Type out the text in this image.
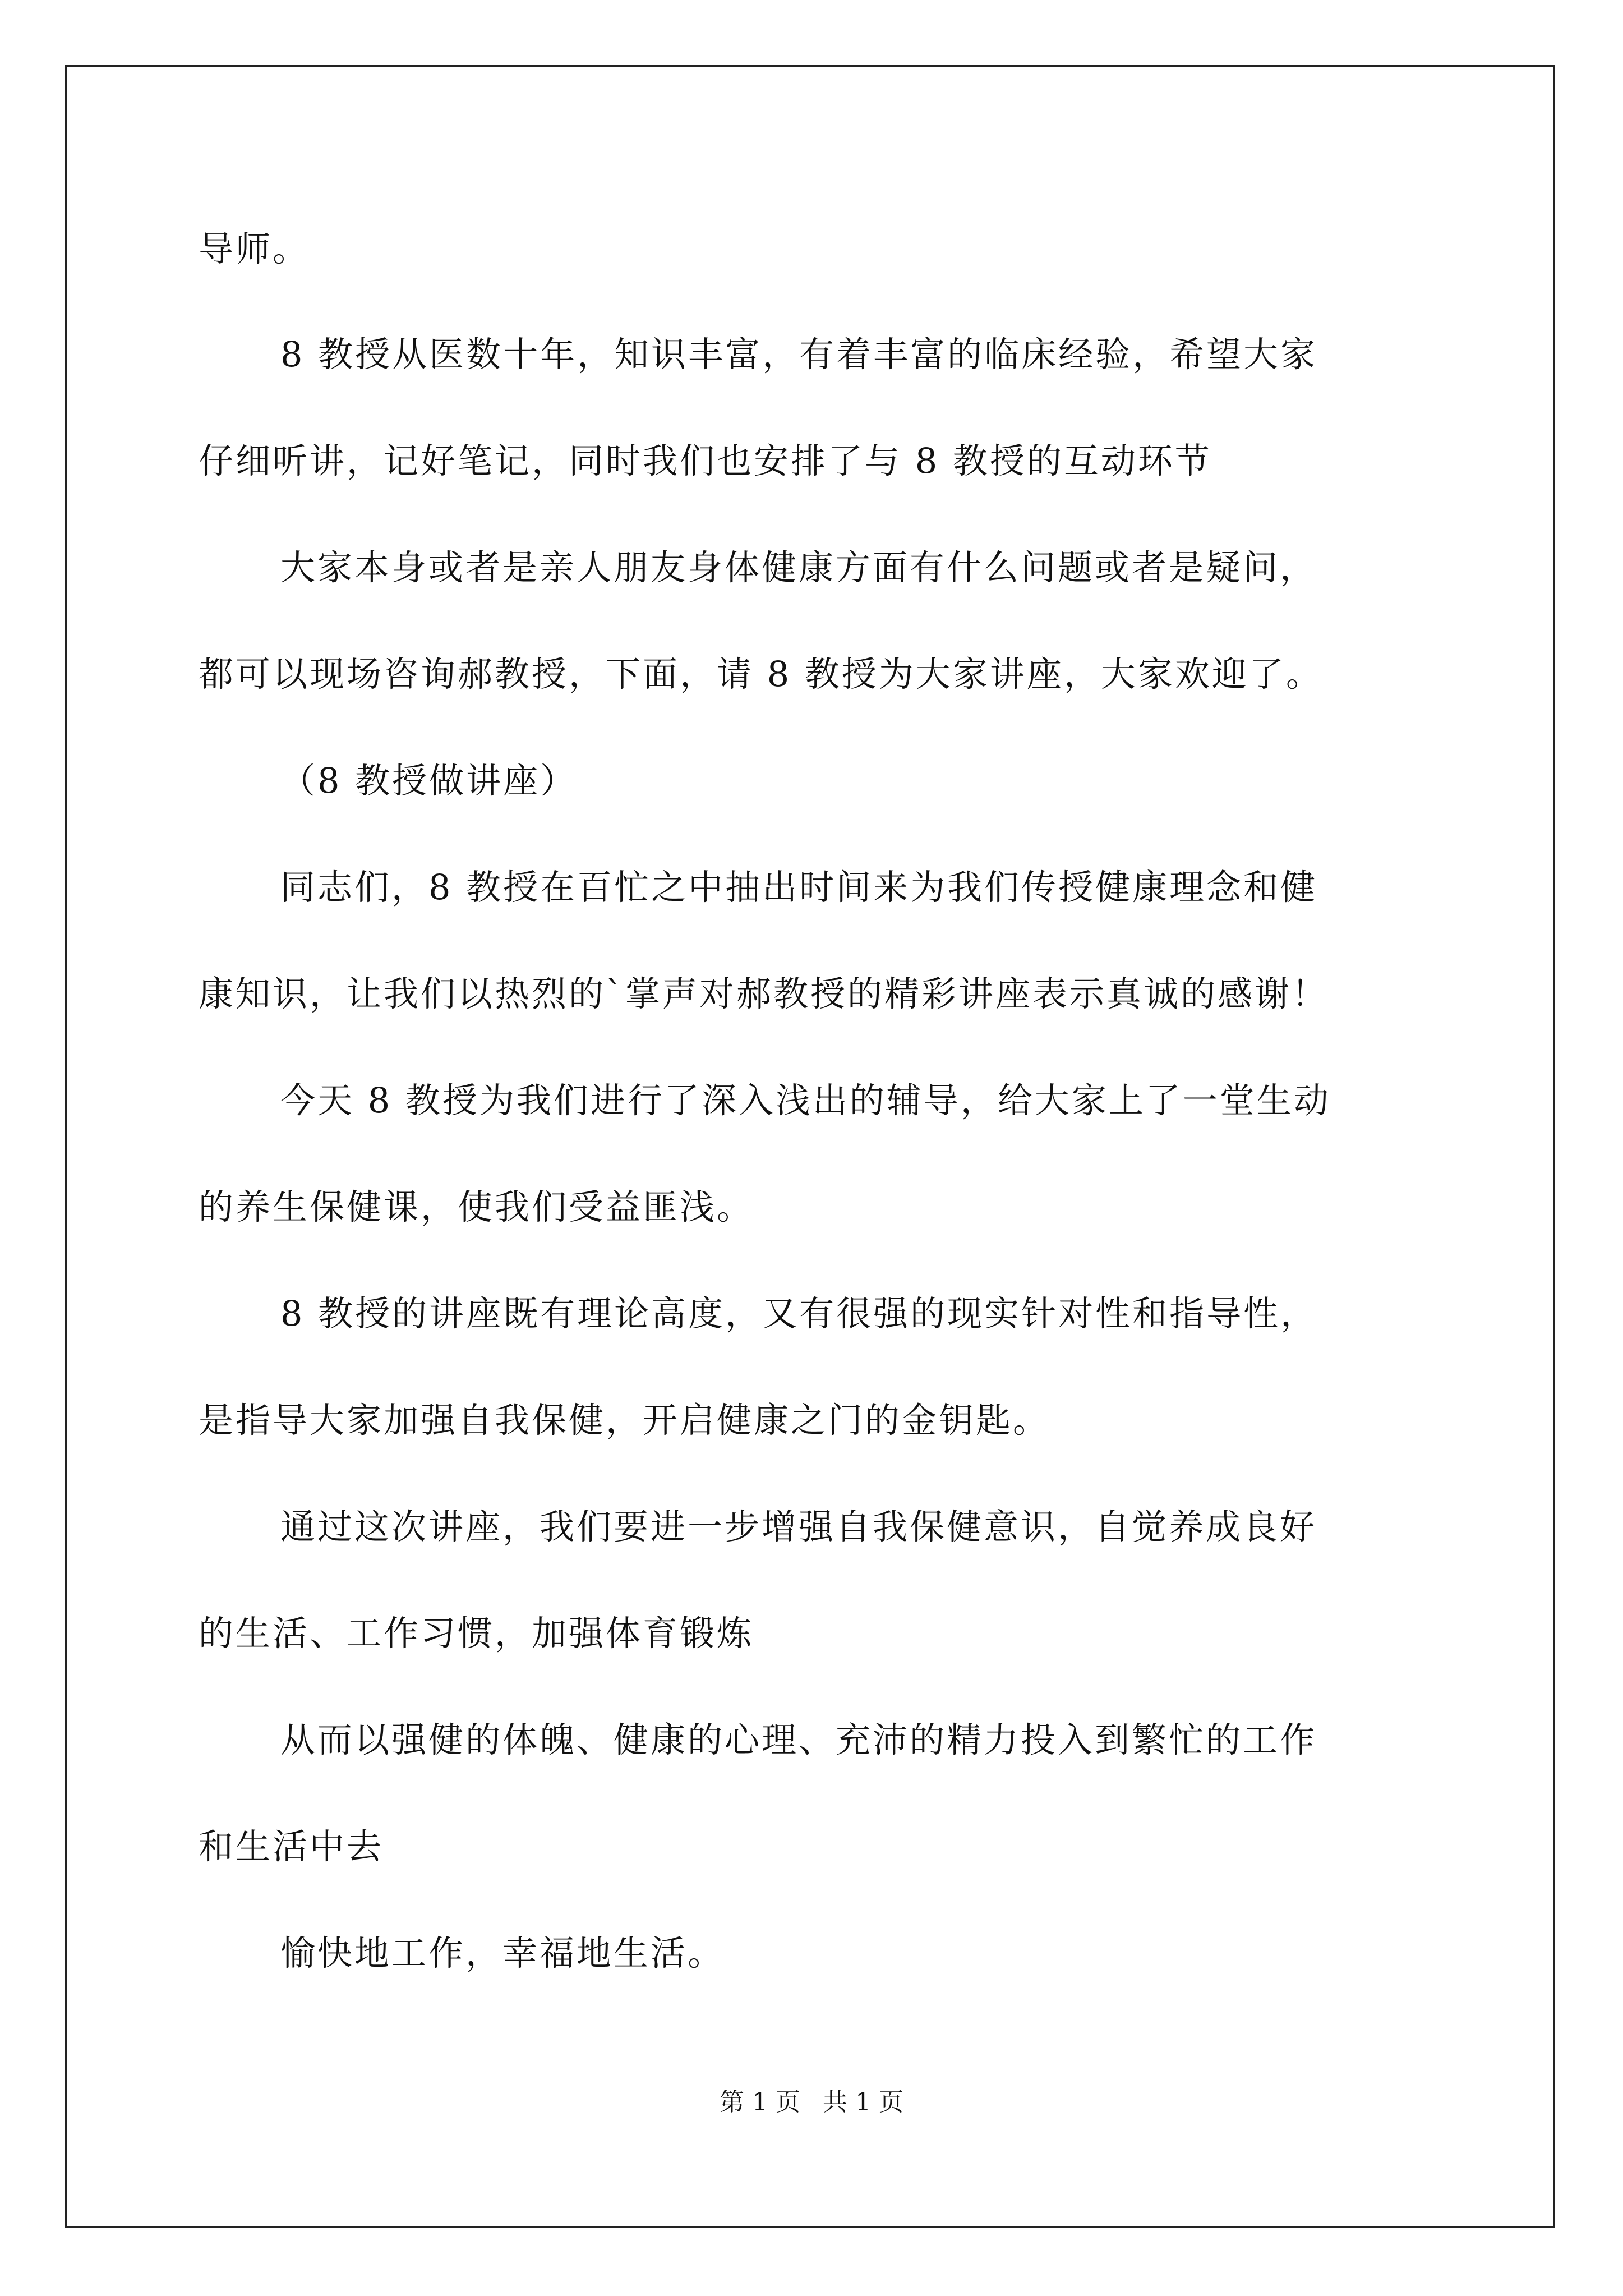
导师。
8 教授从医数十年，知识丰富，有着丰富的临床经验，希望大家
仔细听讲，记好笔记，同时我们也安排了与 8 教授的互动环节
大家本身或者是亲人朋友身体健康方面有什么问题或者是疑问，
都可以现场咨询郝教授，下面，请 8 教授为大家讲座，大家欢迎了。
（8 教授做讲座）
同志们，8 教授在百忙之中抽出时间来为我们传授健康理念和健
康知识，让我们以热烈的`掌声对郝教授的精彩讲座表示真诚的感谢！
今天 8 教授为我们进行了深入浅出的辅导，给大家上了一堂生动
的养生保健课，使我们受益匪浅。
8 教授的讲座既有理论高度，又有很强的现实针对性和指导性，
是指导大家加强自我保健，开启健康之门的金钥匙。
通过这次讲座，我们要进一步增强自我保健意识，自觉养成良好
的生活、工作习惯，加强体育锻炼
从而以强健的体魄、健康的心理、充沛的精力投入到繁忙的工作
和生活中去
愉快地工作，幸福地生活。
第 1 页 共 1 页
